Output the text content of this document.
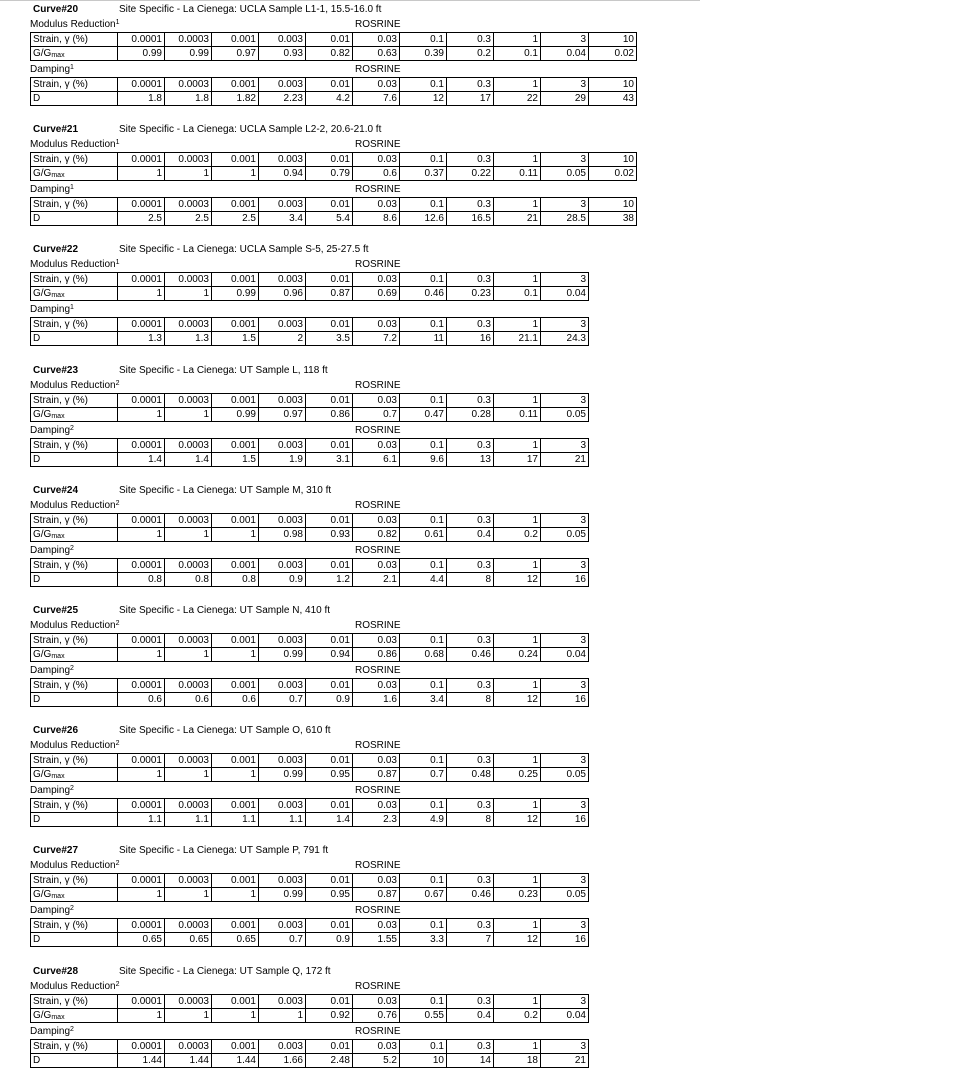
Curve#20	Site Specific - La Cienega: UCLA Sample L1-1, 15.5-16.0 ft
Modulus Reduction$^1$	ROSRINE
Strain, γ (%)	0.0001	0.0003	0.001	0.003	0.01	0.03	0.1	0.3	1	3	10
$G/G_{max}$	0.99	0.99	0.97	0.93	0.82	0.63	0.39	0.2	0.1	0.04	0.02
Damping$^1$	ROSRINE
Strain, γ (%)	0.0001	0.0003	0.001	0.003	0.01	0.03	0.1	0.3	1	3	10
D	1.8	1.8	1.82	2.23	4.2	7.6	12	17	22	29	43
Curve#21	Site Specific - La Cienega: UCLA Sample L2-2, 20.6-21.0 ft
Modulus Reduction$^1$	ROSRINE
Strain, γ (%)	0.0001	0.0003	0.001	0.003	0.01	0.03	0.1	0.3	1	3	10
$G/G_{max}$	1	1	1	0.94	0.79	0.6	0.37	0.22	0.11	0.05	0.02
Damping$^1$	ROSRINE
Strain, γ (%)	0.0001	0.0003	0.001	0.003	0.01	0.03	0.1	0.3	1	3	10
D	2.5	2.5	2.5	3.4	5.4	8.6	12.6	16.5	21	28.5	38
Curve#22	Site Specific - La Cienega: UCLA Sample S-5, 25-27.5 ft
Modulus Reduction$^1$	ROSRINE
Strain, γ (%)	0.0001	0.0003	0.001	0.003	0.01	0.03	0.1	0.3	1	3
$G/G_{max}$	1	1	0.99	0.96	0.87	0.69	0.46	0.23	0.1	0.04
Damping$^1$
Strain, γ (%)	0.0001	0.0003	0.001	0.003	0.01	0.03	0.1	0.3	1	3
D	1.3	1.3	1.5	2	3.5	7.2	11	16	21.1	24.3
Curve#23	Site Specific - La Cienega: UT Sample L, 118 ft
Modulus Reduction$^2$	ROSRINE
Strain, γ (%)	0.0001	0.0003	0.001	0.003	0.01	0.03	0.1	0.3	1	3
$G/G_{max}$	1	1	0.99	0.97	0.86	0.7	0.47	0.28	0.11	0.05
Damping$^2$	ROSRINE
Strain, γ (%)	0.0001	0.0003	0.001	0.003	0.01	0.03	0.1	0.3	1	3
D	1.4	1.4	1.5	1.9	3.1	6.1	9.6	13	17	21
Curve#24	Site Specific - La Cienega: UT Sample M, 310 ft
Modulus Reduction$^2$	ROSRINE
Strain, γ (%)	0.0001	0.0003	0.001	0.003	0.01	0.03	0.1	0.3	1	3
$G/G_{max}$	1	1	1	0.98	0.93	0.82	0.61	0.4	0.2	0.05
Damping$^2$	ROSRINE
Strain, γ (%)	0.0001	0.0003	0.001	0.003	0.01	0.03	0.1	0.3	1	3
D	0.8	0.8	0.8	0.9	1.2	2.1	4.4	8	12	16
Curve#25	Site Specific - La Cienega: UT Sample N, 410 ft
Modulus Reduction$^2$	ROSRINE
Strain, γ (%)	0.0001	0.0003	0.001	0.003	0.01	0.03	0.1	0.3	1	3
$G/G_{max}$	1	1	1	0.99	0.94	0.86	0.68	0.46	0.24	0.04
Damping$^2$	ROSRINE
Strain, γ (%)	0.0001	0.0003	0.001	0.003	0.01	0.03	0.1	0.3	1	3
D	0.6	0.6	0.6	0.7	0.9	1.6	3.4	8	12	16
Curve#26	Site Specific - La Cienega: UT Sample O, 610 ft
Modulus Reduction$^2$	ROSRINE
Strain, γ (%)	0.0001	0.0003	0.001	0.003	0.01	0.03	0.1	0.3	1	3
$G/G_{max}$	1	1	1	0.99	0.95	0.87	0.7	0.48	0.25	0.05
Damping$^2$	ROSRINE
Strain, γ (%)	0.0001	0.0003	0.001	0.003	0.01	0.03	0.1	0.3	1	3
D	1.1	1.1	1.1	1.1	1.4	2.3	4.9	8	12	16
Curve#27	Site Specific - La Cienega: UT Sample P, 791 ft
Modulus Reduction$^2$	ROSRINE
Strain, γ (%)	0.0001	0.0003	0.001	0.003	0.01	0.03	0.1	0.3	1	3
$G/G_{max}$	1	1	1	0.99	0.95	0.87	0.67	0.46	0.23	0.05
Damping$^2$	ROSRINE
Strain, γ (%)	0.0001	0.0003	0.001	0.003	0.01	0.03	0.1	0.3	1	3
D	0.65	0.65	0.65	0.7	0.9	1.55	3.3	7	12	16
Curve#28	Site Specific - La Cienega: UT Sample Q, 172 ft
Modulus Reduction$^2$	ROSRINE
Strain, γ (%)	0.0001	0.0003	0.001	0.003	0.01	0.03	0.1	0.3	1	3
$G/G_{max}$	1	1	1	1	0.92	0.76	0.55	0.4	0.2	0.04
Damping$^2$	ROSRINE
Strain, γ (%)	0.0001	0.0003	0.001	0.003	0.01	0.03	0.1	0.3	1	3
D	1.44	1.44	1.44	1.66	2.48	5.2	10	14	18	21
